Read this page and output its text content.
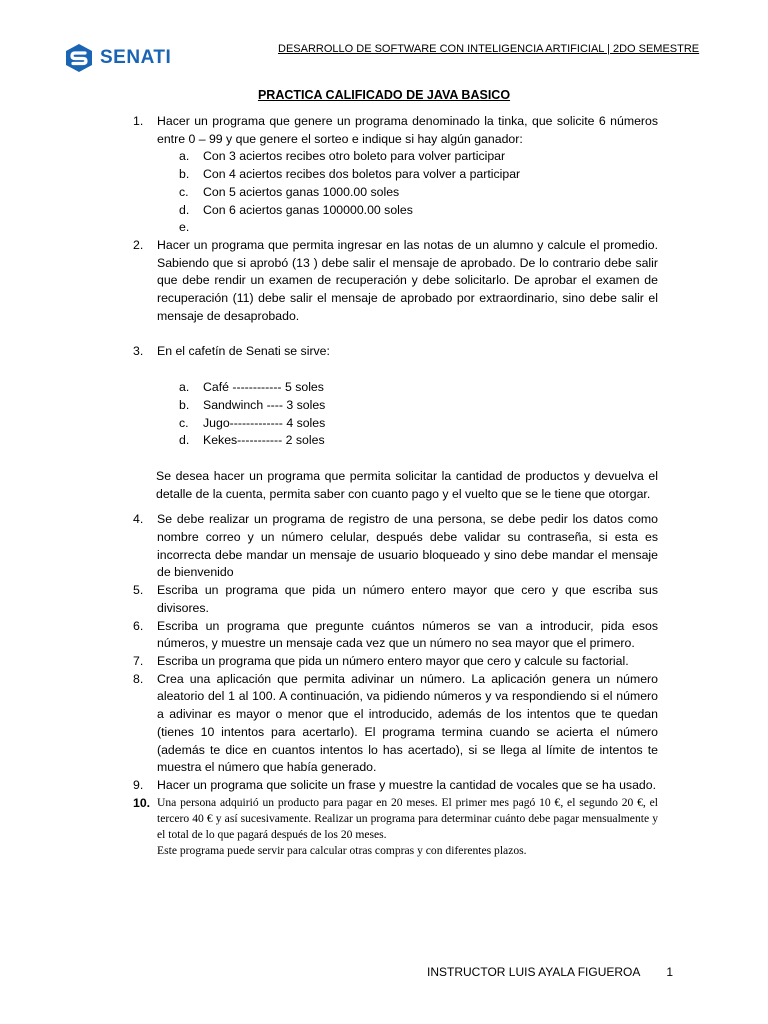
SENATI	DESARROLLO DE SOFTWARE CON INTELIGENCIA ARTIFICIAL | 2DO SEMESTRE
PRACTICA CALIFICADO DE JAVA BASICO
1. Hacer un programa que genere un programa denominado la tinka, que solicite 6 números entre 0 – 99 y que genere el sorteo e indique si hay algún ganador:
a. Con 3 aciertos recibes otro boleto para volver participar
b. Con 4 aciertos recibes dos boletos para volver a participar
c. Con 5 aciertos ganas 1000.00 soles
d. Con 6 aciertos ganas 100000.00 soles
e.

2. Hacer un programa que permita ingresar en las notas de un alumno y calcule el promedio. Sabiendo que si aprobó (13 ) debe salir el mensaje de aprobado. De lo contrario debe salir que debe rendir un examen de recuperación y debe solicitarlo. De aprobar el examen de recuperación (11) debe salir el mensaje de aprobado por extraordinario, sino debe salir el mensaje de desaprobado.
3. En el cafetín de Senati se sirve:
a. Café ------------ 5 soles
b. Sandwinch ---- 3 soles
c. Jugo------------- 4 soles
d. Kekes----------- 2 soles
Se desea hacer un programa que permita solicitar la cantidad de productos y devuelva el detalle de la cuenta, permita saber con cuanto pago y el vuelto que se le tiene que otorgar.
4. Se debe realizar un programa de registro de una persona, se debe pedir los datos como nombre correo y un número celular, después debe validar su contraseña, si esta es incorrecta debe mandar un mensaje de usuario bloqueado y sino debe mandar el mensaje de bienvenido
5. Escriba un programa que pida un número entero mayor que cero y que escriba sus divisores.
6. Escriba un programa que pregunte cuántos números se van a introducir, pida esos números, y muestre un mensaje cada vez que un número no sea mayor que el primero.
7. Escriba un programa que pida un número entero mayor que cero y calcule su factorial.
8. Crea una aplicación que permita adivinar un número. La aplicación genera un número aleatorio del 1 al 100. A continuación, va pidiendo números y va respondiendo si el número a adivinar es mayor o menor que el introducido, además de los intentos que te quedan (tienes 10 intentos para acertarlo). El programa termina cuando se acierta el número (además te dice en cuantos intentos lo has acertado), si se llega al límite de intentos te muestra el número que había generado.
9. Hacer un programa que solicite un frase y muestre la cantidad de vocales que se ha usado.
10. Una persona adquirió un producto para pagar en 20 meses. El primer mes pagó 10 €, el segundo 20 €, el tercero 40 € y así sucesivamente. Realizar un programa para determinar cuánto debe pagar mensualmente y el total de lo que pagará después de los 20 meses.
Este programa puede servir para calcular otras compras y con diferentes plazos.
INSTRUCTOR LUIS AYALA FIGUEROA 1
